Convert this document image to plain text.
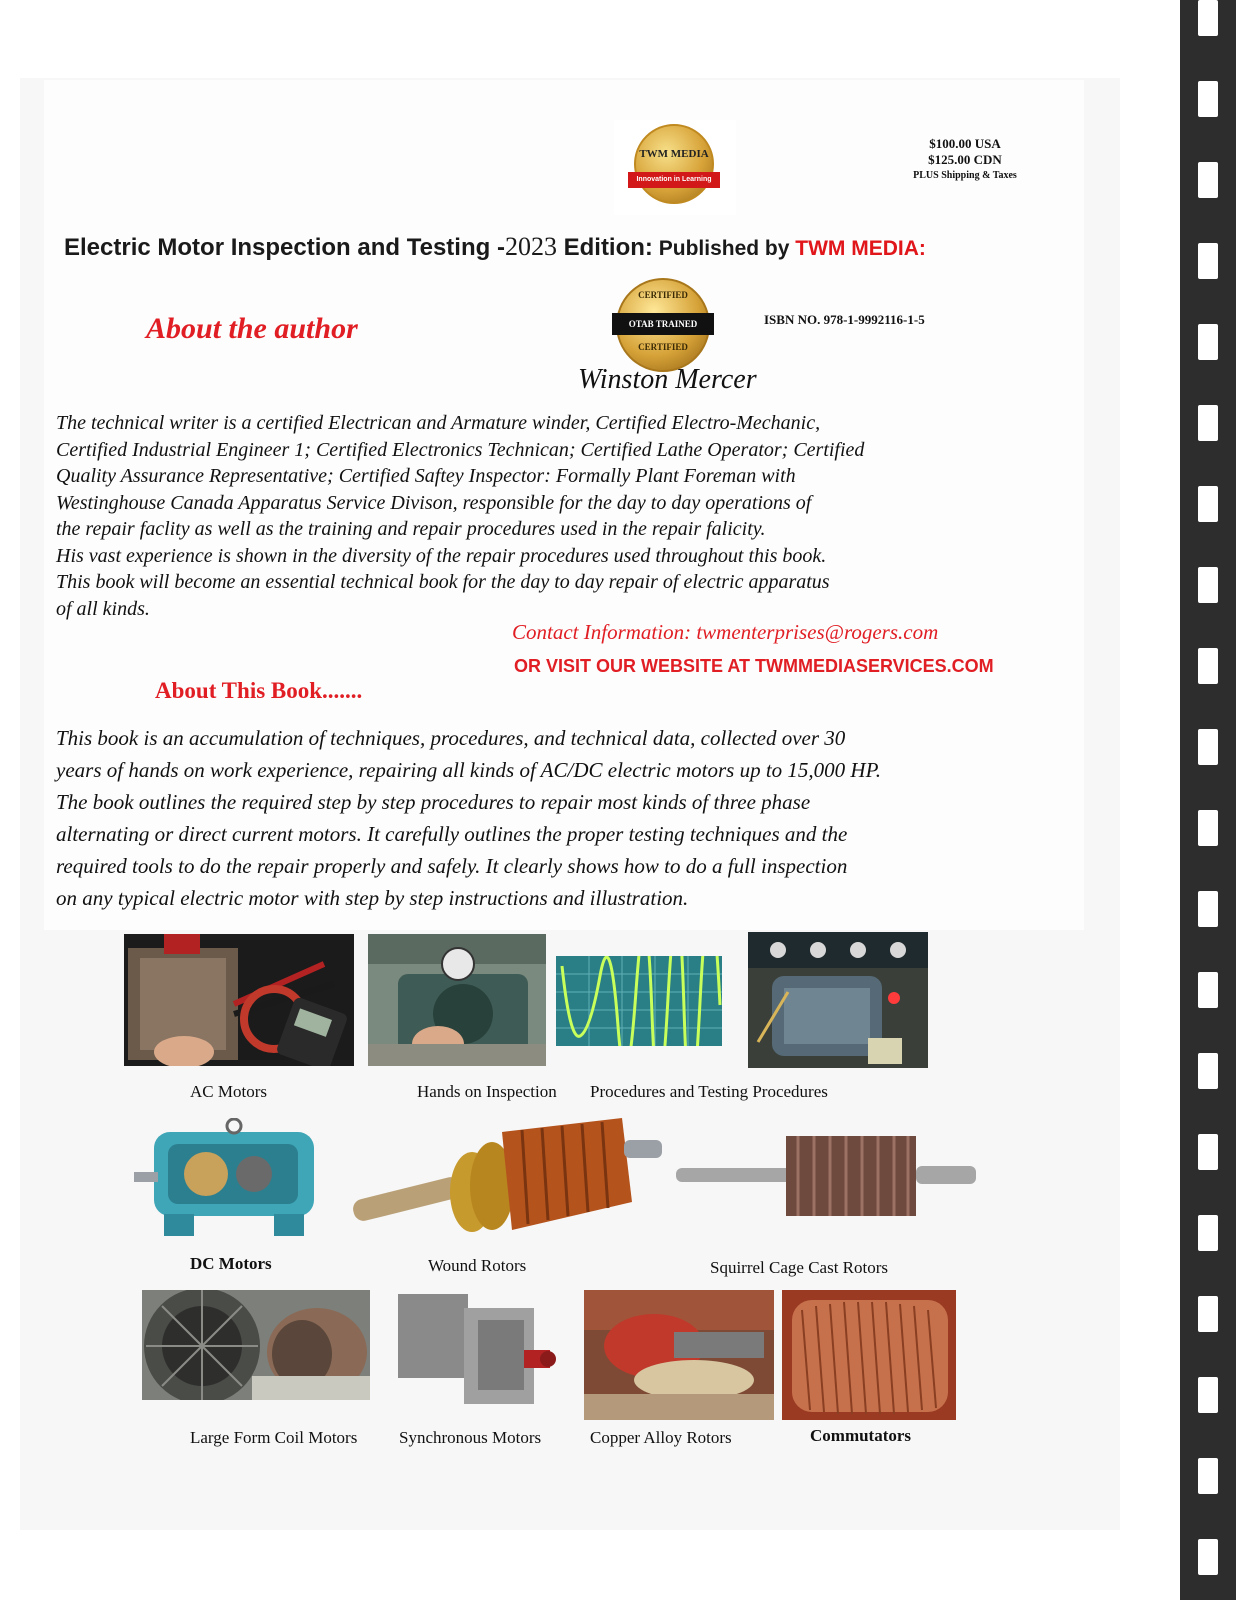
TWM MEDIA
Innovation in Learning
$100.00 USA
$125.00 CDN
PLUS Shipping & Taxes
Electric Motor Inspection and Testing -2023 Edition: Published by TWM MEDIA:
CERTIFIED
OTAB TRAINED
CERTIFIED
ISBN NO. 978-1-9992116-1-5
About the author
Winston Mercer
The technical writer is a certified Electrican and Armature winder, Certified Electro-Mechanic,
Certified Industrial Engineer 1; Certified Electronics Technican; Certified Lathe Operator; Certified
Quality Assurance Representative; Certified Saftey Inspector: Formally Plant Foreman with
Westinghouse Canada Apparatus Service Divison, responsible for the day to day operations of
the repair faclity as well as the training and repair procedures used in the repair falicity.
His vast experience is shown in the diversity of the repair procedures used throughout this book.
This book will become an essential technical book for the day to day repair of electric apparatus
of all kinds.
Contact Information: twmenterprises@rogers.com
OR VISIT OUR WEBSITE AT TWMMEDIASERVICES.COM
About This Book.......
This book is an accumulation of techniques, procedures, and technical data, collected over 30
years of hands on work experience, repairing all kinds of AC/DC electric motors up to 15,000 HP.
The book outlines the required step by step procedures to repair most kinds of three phase
alternating or direct current motors. It carefully outlines the proper testing techniques and the
required tools to do the repair properly and safely. It clearly shows how to do a full inspection
on any typical electric motor with step by step instructions and illustration.
AC Motors	Hands on Inspection Procedures and Testing Procedures
DC Motors	Wound Rotors	Squirrel Cage Cast Rotors
Large Form Coil Motors Synchronous Motors	Copper Alloy Rotors	Commutators
